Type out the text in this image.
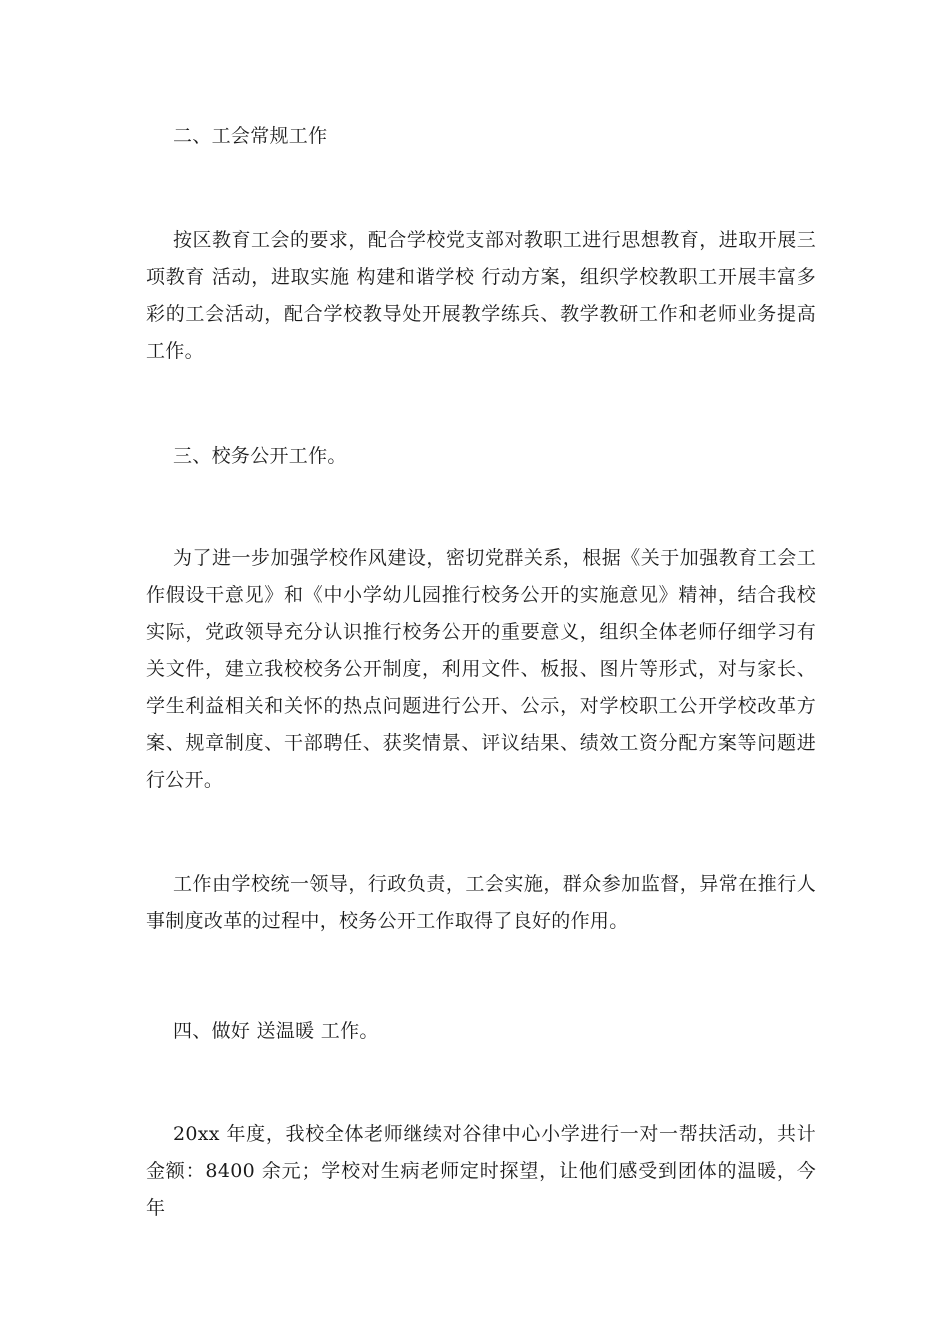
二、工会常规工作
按区教育工会的要求，配合学校党支部对教职工进行思想教育，进取开展三项教育 活动，进取实施 构建和谐学校 行动方案，组织学校教职工开展丰富多彩的工会活动，配合学校教导处开展教学练兵、教学教研工作和老师业务提高工作。
三、校务公开工作。
为了进一步加强学校作风建设，密切党群关系，根据《关于加强教育工会工作假设干意见》和《中小学幼儿园推行校务公开的实施意见》精神，结合我校实际，党政领导充分认识推行校务公开的重要意义，组织全体老师仔细学习有关文件，建立我校校务公开制度，利用文件、板报、图片等形式，对与家长、学生利益相关和关怀的热点问题进行公开、公示，对学校职工公开学校改革方案、规章制度、干部聘任、获奖情景、评议结果、绩效工资分配方案等问题进行公开。
工作由学校统一领导，行政负责，工会实施，群众参加监督，异常在推行人事制度改革的过程中，校务公开工作取得了良好的作用。
四、做好 送温暖 工作。
20xx 年度，我校全体老师继续对谷律中心小学进行一对一帮扶活动，共计金额：8400 余元；学校对生病老师定时探望，让他们感受到团体的温暖，今年
